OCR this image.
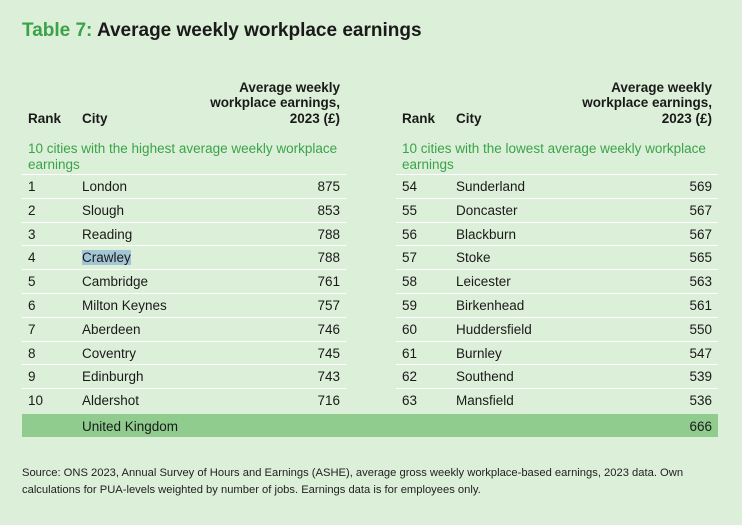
Table 7: Average weekly workplace earnings
Rank City
Average weekly
workplace earnings,
2023 (£)
10 cities with the highest average weekly workplace earnings
1	London	875
2	Slough	853
3	Reading	788
4	Crawley	788
5	Cambridge	761
6	Milton Keynes	757
7	Aberdeen	746
8	Coventry	745
9	Edinburgh	743
10	Aldershot	716
Rank City
Average weekly
workplace earnings,
2023 (£)
10 cities with the lowest average weekly workplace earnings
54	Sunderland	569
55	Doncaster	567
56	Blackburn	567
57	Stoke	565
58	Leicester	563
59	Birkenhead	561
60	Huddersfield	550
61	Burnley	547
62	Southend	539
63	Mansfield	536
United Kingdom	666
Source: ONS 2023, Annual Survey of Hours and Earnings (ASHE), average gross weekly workplace-based earnings, 2023 data. Own calculations for PUA-levels weighted by number of jobs. Earnings data is for employees only.
